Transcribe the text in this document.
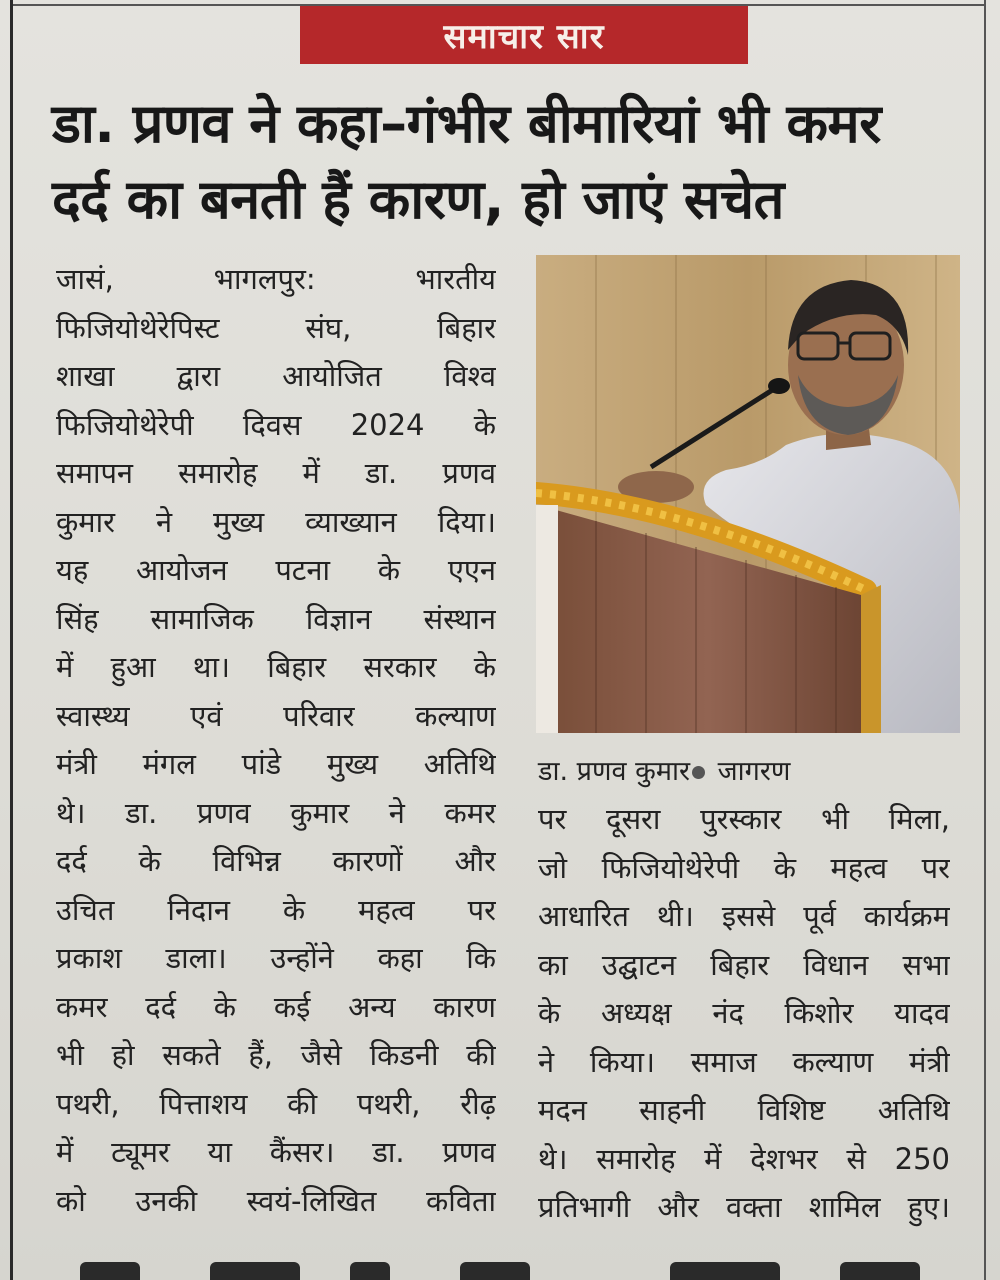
समाचार सार
डा. प्रणव ने कहा–गंभीर बीमारियां भी कमर
दर्द का बनती हैं कारण, हो जाएं सचेत
जासं, भागलपुर: भारतीय
फिजियोथेरेपिस्ट संघ, बिहार
शाखा द्वारा आयोजित विश्व
फिजियोथेरेपी दिवस 2024 के
समापन समारोह में डा. प्रणव
कुमार ने मुख्य व्याख्यान दिया।
यह आयोजन पटना के एएन
सिंह सामाजिक विज्ञान संस्थान
में हुआ था। बिहार सरकार के
स्वास्थ्य एवं परिवार कल्याण
मंत्री मंगल पांडे मुख्य अतिथि
थे। डा. प्रणव कुमार ने कमर
दर्द के विभिन्न कारणों और
उचित निदान के महत्व पर
प्रकाश डाला। उन्होंने कहा कि
कमर दर्द के कई अन्य कारण
भी हो सकते हैं, जैसे किडनी की
पथरी, पित्ताशय की पथरी, रीढ़
में ट्यूमर या कैंसर। डा. प्रणव
को उनकी स्वयं-लिखित कविता
डा. प्रणव कुमार जागरण
पर दूसरा पुरस्कार भी मिला,
जो फिजियोथेरेपी के महत्व पर
आधारित थी। इससे पूर्व कार्यक्रम
का उद्घाटन बिहार विधान सभा
के अध्यक्ष नंद किशोर यादव
ने किया। समाज कल्याण मंत्री
मदन साहनी विशिष्ट अतिथि
थे। समारोह में देशभर से 250
प्रतिभागी और वक्ता शामिल हुए।
